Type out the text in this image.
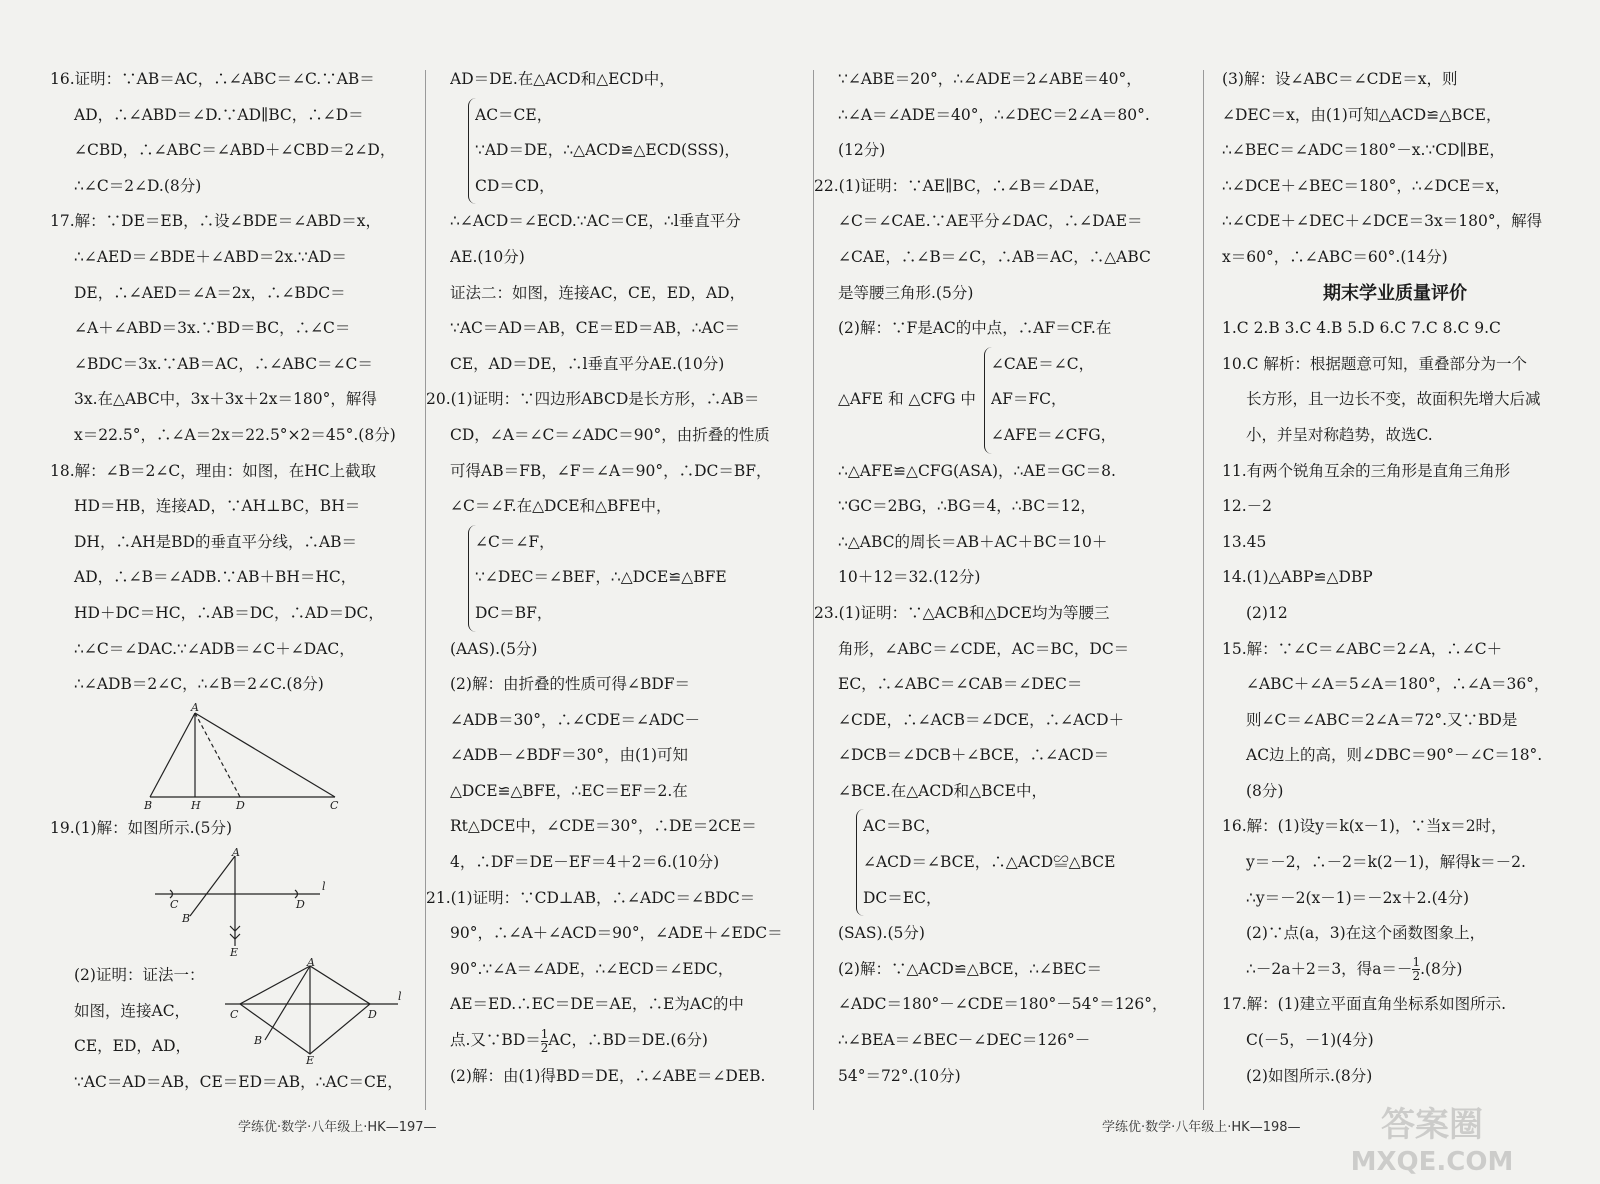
16.证明：∵AB＝AC，∴∠ABC＝∠C.∵AB＝

AD，∴∠ABD＝∠D.∵AD∥BC，∴∠D＝

∠CBD，∴∠ABC＝∠ABD＋∠CBD＝2∠D，

∴∠C＝2∠D.(8分)

17.解：∵DE＝EB，∴设∠BDE＝∠ABD＝x，

∴∠AED＝∠BDE＋∠ABD＝2x.∵AD＝

DE，∴∠AED＝∠A＝2x，∴∠BDC＝

∠A＋∠ABD＝3x.∵BD＝BC，∴∠C＝

∠BDC＝3x.∵AB＝AC，∴∠ABC＝∠C＝

3x.在△ABC中，3x＋3x＋2x＝180°，解得

x＝22.5°，∴∠A＝2x＝22.5°×2＝45°.(8分)

18.解：∠B＝2∠C，理由：如图，在HC上截取

HD＝HB，连接AD，∵AH⊥BC，BH＝

DH，∴AH是BD的垂直平分线，∴AB＝

AD，∴∠B＝∠ADB.∵AB＋BH＝HC，

HD＋DC＝HC，∴AB＝DC，∴AD＝DC，

∴∠C＝∠DAC.∵∠ADB＝∠C＋∠DAC，

∴∠ADB＝2∠C，∴∠B＝2∠C.(8分)

A
B	H	D	C

19.(1)解：如图所示.(5分)

A
B
C	D
E
l

(2)证明：证法一：

如图，连接AC，

CE，ED，AD，

A
B
C	D
E
l

∵AC＝AD＝AB，CE＝ED＝AB，∴AC＝CE，

AD＝DE.在△ACD和△ECD中，

AC＝CE，

∵AD＝DE，∴△ACD≌△ECD(SSS)，

CD＝CD，

∴∠ACD＝∠ECD.∵AC＝CE，∴l垂直平分

AE.(10分)

证法二：如图，连接AC，CE，ED，AD，

∵AC＝AD＝AB，CE＝ED＝AB，∴AC＝

CE，AD＝DE，∴l垂直平分AE.(10分)

20.(1)证明：∵四边形ABCD是长方形，∴AB＝

CD，∠A＝∠C＝∠ADC＝90°，由折叠的性质

可得AB＝FB，∠F＝∠A＝90°，∴DC＝BF，

∠C＝∠F.在△DCE和△BFE中，

∠C＝∠F，

∵∠DEC＝∠BEF，∴△DCE≌△BFE

DC＝BF，

(AAS).(5分)

(2)解：由折叠的性质可得∠BDF＝

∠ADB＝30°，∴∠CDE＝∠ADC－

∠ADB－∠BDF＝30°，由(1)可知

△DCE≌△BFE，∴EC＝EF＝2.在

Rt△DCE中，∠CDE＝30°，∴DE＝2CE＝

4，∴DF＝DE－EF＝4＋2＝6.(10分)

21.(1)证明：∵CD⊥AB，∴∠ADC＝∠BDC＝

90°，∴∠A＋∠ACD＝90°，∠ADE＋∠EDC＝

90°.∵∠A＝∠ADE，∴∠ECD＝∠EDC，

AE＝ED.∴EC＝DE＝AE，∴E为AC的中

点.又∵BD＝ $\frac{1}{2}$ AC，∴BD＝DE.(6分)

(2)解：由(1)得BD＝DE，∴∠ABE＝∠DEB.

∵∠ABE＝20°，∴∠ADE＝2∠ABE＝40°，

∴∠A＝∠ADE＝40°，∴∠DEC＝2∠A＝80°.

(12分)

22.(1)证明：∵AE∥BC，∴∠B＝∠DAE，

∠C＝∠CAE.∵AE平分∠DAC，∴∠DAE＝

∠CAE，∴∠B＝∠C，∴AB＝AC，∴△ABC

是等腰三角形.(5分)

(2)解：∵F是AC的中点，∴AF＝CF.在

△AFE 和 △CFG 中

∠CAE＝∠C，

AF＝FC，

∠AFE＝∠CFG，

∴△AFE≌△CFG(ASA)，∴AE＝GC＝8.

∵GC＝2BG，∴BG＝4，∴BC＝12，

∴△ABC的周长＝AB＋AC＋BC＝10＋

10＋12＝32.(12分)

23.(1)证明：∵△ACB和△DCE均为等腰三

角形，∠ABC＝∠CDE，AC＝BC，DC＝

EC，∴∠ABC＝∠CAB＝∠DEC＝

∠CDE，∴∠ACB＝∠DCE，∴∠ACD＋

∠DCB＝∠DCB＋∠BCE，∴∠ACD＝

∠BCE.在△ACD和△BCE中，

AC＝BC，

∠ACD＝∠BCE，∴△ACD≌△BCE

DC＝EC，

(SAS).(5分)

(2)解：∵△ACD≌△BCE，∴∠BEC＝

∠ADC＝180°－∠CDE＝180°－54°＝126°，

∴∠BEA＝∠BEC－∠DEC＝126°－

54°＝72°.(10分)

(3)解：设∠ABC＝∠CDE＝x，则

∠DEC＝x，由(1)可知△ACD≌△BCE，

∴∠BEC＝∠ADC＝180°－x.∵CD∥BE，

∴∠DCE＋∠BEC＝180°，∴∠DCE＝x，

∴∠CDE＋∠DEC＋∠DCE＝3x＝180°，解得

x＝60°，∴∠ABC＝60°.(14分)

期末学业质量评价

1.C 2.B 3.C 4.B 5.D 6.C 7.C 8.C 9.C

10.C 解析：根据题意可知，重叠部分为一个

长方形，且一边长不变，故面积先增大后减

小，并呈对称趋势，故选C.

11.有两个锐角互余的三角形是直角三角形

12.－2

13.45

14.(1)△ABP≌△DBP

(2)12

15.解：∵∠C＝∠ABC＝2∠A，∴∠C＋

∠ABC＋∠A＝5∠A＝180°，∴∠A＝36°，

则∠C＝∠ABC＝2∠A＝72°.又∵BD是

AC边上的高，则∠DBC＝90°－∠C＝18°.

(8分)

16.解：(1)设y＝k(x－1)，∵当x＝2时，

y＝－2，∴－2＝k(2－1)，解得k＝－2.

∴y＝－2(x－1)＝－2x＋2.(4分)

(2)∵点(a，3)在这个函数图象上，

∴－2a＋2＝3，得$a=- \frac{1}{2} .(8$分)

17.解：(1)建立平面直角坐标系如图所示.

C(－5，－1)(4分)

(2)如图所示.(8分)

学练优·数学·八年级上·HK—197—	学练优·数学·八年级上·HK—198— 答案圈
MXQE.COM
